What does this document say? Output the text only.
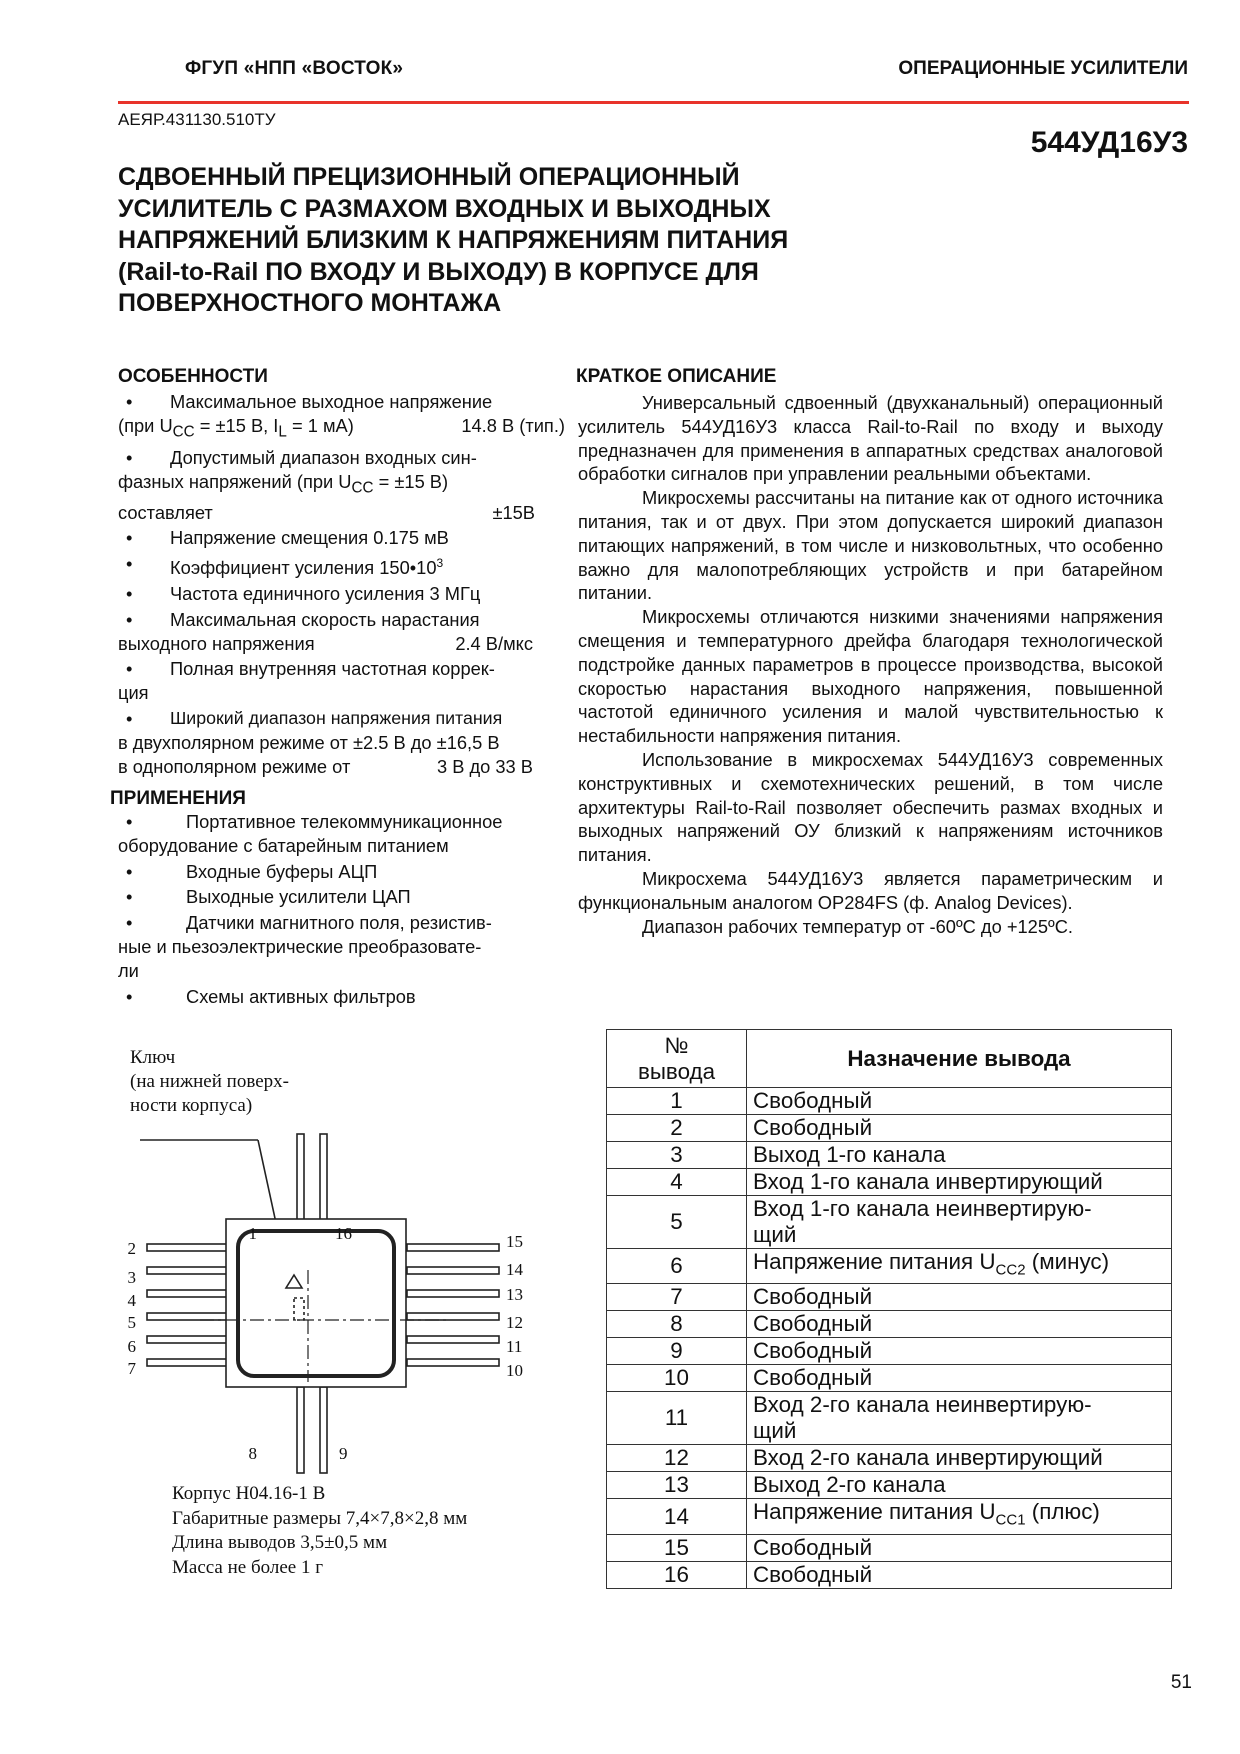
ФГУП «НПП «ВОСТОК»	ОПЕРАЦИОННЫЕ УСИЛИТЕЛИ
АЕЯР.431130.510ТУ
544УД16У3
СДВОЕННЫЙ ПРЕЦИЗИОННЫЙ ОПЕРАЦИОННЫЙ
УСИЛИТЕЛЬ С РАЗМАХОМ ВХОДНЫХ И ВЫХОДНЫХ
НАПРЯЖЕНИЙ БЛИЗКИМ К НАПРЯЖЕНИЯМ ПИТАНИЯ
(Rail-to-Rail ПО ВХОДУ И ВЫХОДУ) В КОРПУСЕ ДЛЯ
ПОВЕРХНОСТНОГО МОНТАЖА
ОСОБЕННОСТИ
•	Максимальное выходное напряжение
(при $U_{CC} = \pm 15$ В, $I_L = 1$ мА)	14.8 В (тип.)
•	Допустимый диапазон входных син-
фазных напряжений (при $U_{CC} = \pm 15$ В)
составляет	±15В
•	Напряжение смещения 0.175 мВ
•	Коэффициент усиления $150•10^3$
•	Частота единичного усиления 3 МГц
•	Максимальная скорость нарастания
выходного напряжения	2.4 В/мкс
•	Полная внутренняя частотная коррек-
ция
•	Широкий диапазон напряжения питания
в двухполярном режиме от ±2.5 В до ±16,5 В
в однополярном режиме от	3 В до 33 В
ПРИМЕНЕНИЯ
•	Портативное телекоммуникационное
оборудование с батарейным питанием
•	Входные буферы АЦП
•	Выходные усилители ЦАП
•	Датчики магнитного поля, резистив-
ные и пьезоэлектрические преобразовате-
ли
•	Схемы активных фильтров
КРАТКОЕ ОПИСАНИЕ

Универсальный сдвоенный (двухканальный) операционный усилитель 544УД16У3 класса Rail-to-Rail по входу и выходу предназначен для применения в аппаратных средствах аналоговой обработки сигналов при управлении реальными объектами.

Микросхемы рассчитаны на питание как от одного источника питания, так и от двух. При этом допускается широкий диапазон питающих напряжений, в том числе и низковольтных, что особенно важно для малопотребляющих устройств и при батарейном питании.

Микросхемы отличаются низкими значениями напряжения смещения и температурного дрейфа благодаря технологической подстройке данных параметров в процессе производства, высокой скоростью нарастания выходного напряжения, повышенной частотой единичного усиления и малой чувствительностью к нестабильности напряжения питания.

Использование в микросхемах 544УД16У3 современных конструктивных и схемотехнических решений, в том числе архитектуры Rail-to-Rail позволяет обеспечить размах входных и выходных напряжений ОУ близкий к напряжениям источников питания.

Микросхема 544УД16У3 является параметрическим и функциональным аналогом OP284FS (ф. Analog Devices).

Диапазон рабочих температур от -60ºС до +125ºС.

Ключ
(на нижней поверх-
ности корпуса)
1	16
8	9
2
3
4
5
6
7
15
14
13
12
11
10
Корпус Н04.16-1 В
Габаритные размеры 7,4×7,8×2,8 мм
Длина выводов 3,5±0,5 мм
Масса не более 1 г
№
вывода	Назначение вывода
1	Свободный
2	Свободный
3	Выход 1-го канала
4	Вход 1-го канала инвертирующий
5	Вход 1-го канала неинвертирую-
щий

6	Напряжение питания $U_{CC2}$ (минус)
7	Свободный
8	Свободный
9	Свободный
10	Свободный
11	Вход 2-го канала неинвертирую-
щий

12	Вход 2-го канала инвертирующий
13	Выход 2-го канала
14	Напряжение питания $U_{CC1}$ (плюс)
15	Свободный
16	Свободный
51
